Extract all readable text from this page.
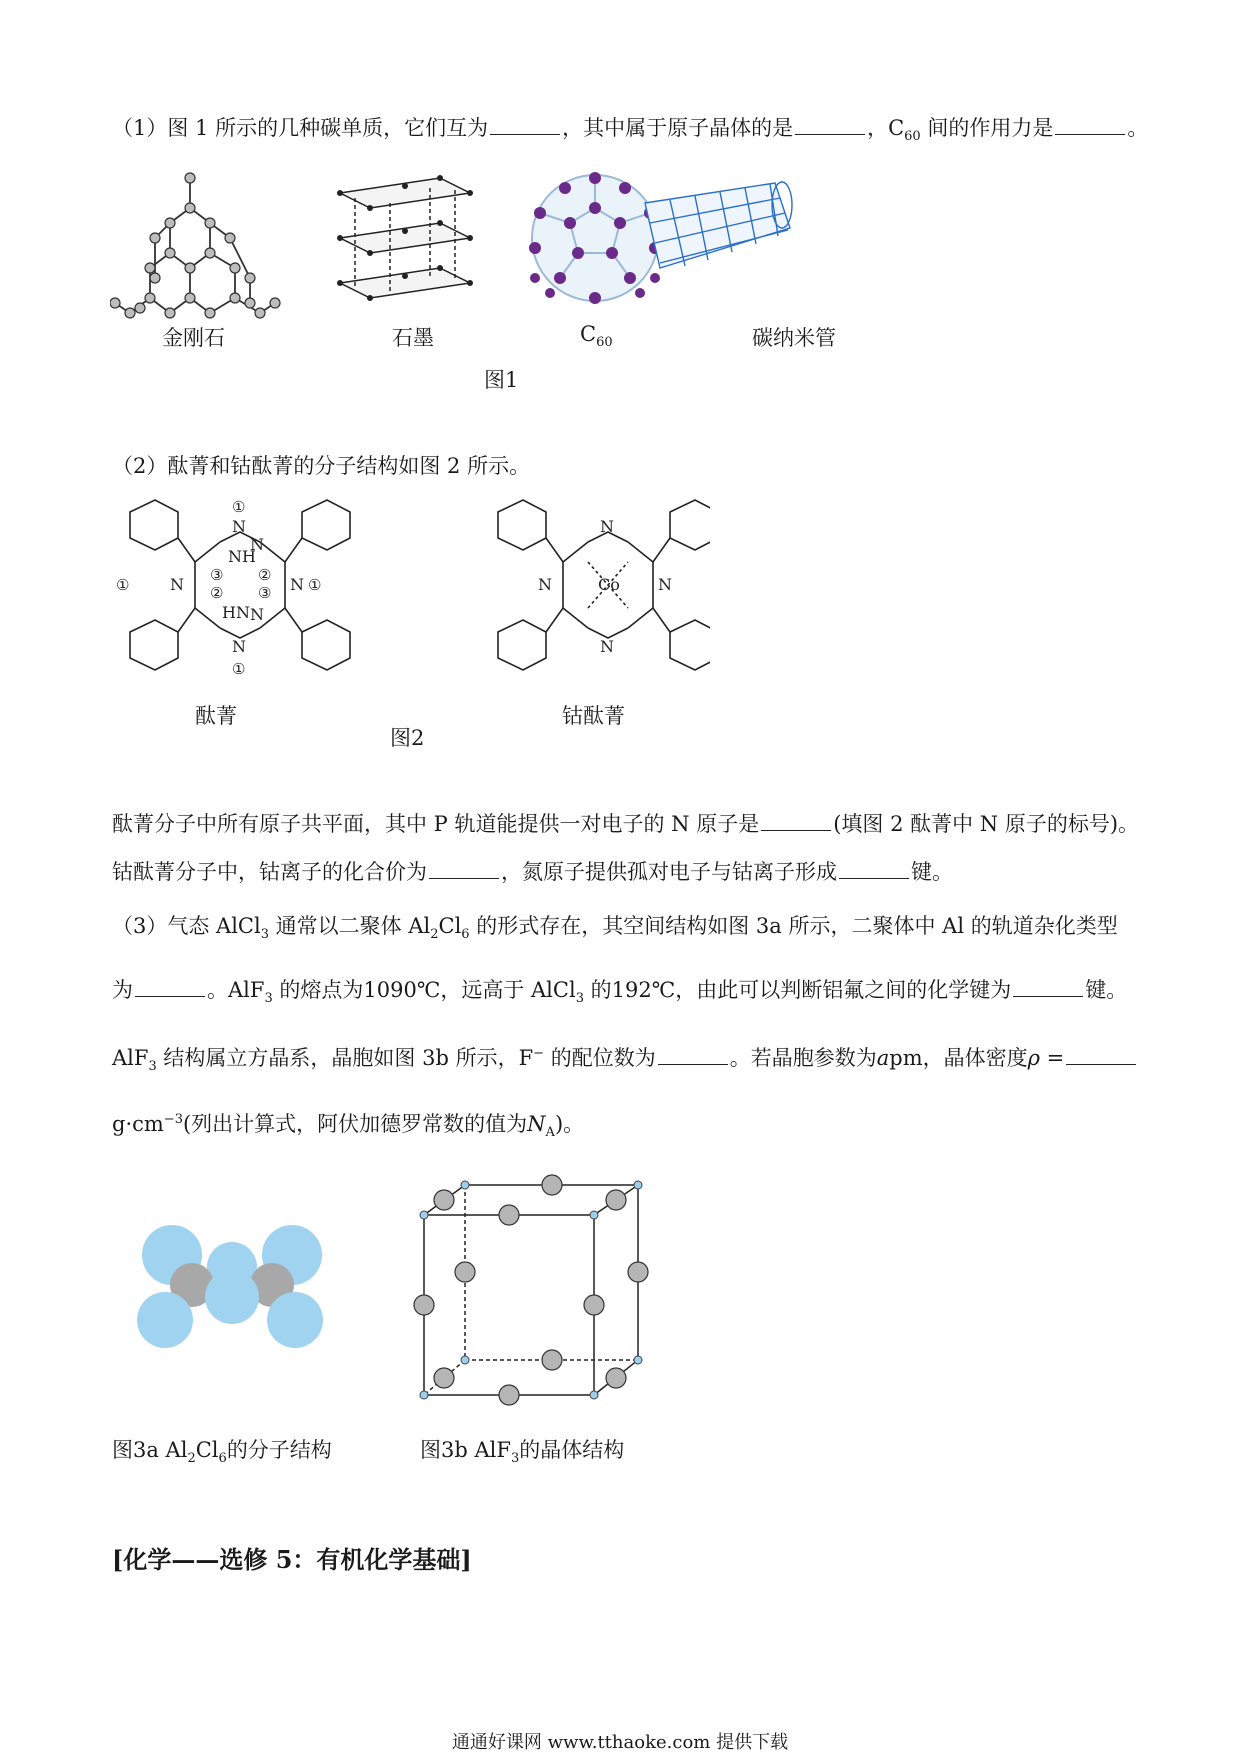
（1）图 1 所示的几种碳单质，它们互为	，其中属于原子晶体的是	，$C_{60}$ 间的作用力是	。
金刚石	石墨	$C_{60}$	碳纳米管
图1
（2）酞菁和钴酞菁的分子结构如图 2 所示。
N
NH
HN
N
N
N
N
N
Co
N
N
N	N
①
①	①
①
③
②
②
③
酞菁	钴酞菁
图2
酞菁分子中所有原子共平面，其中 P 轨道能提供一对电子的 N 原子是	(填图 2 酞菁中 N 原子的标号)。
钴酞菁分子中，钴离子的化合价为	，氮原子提供孤对电子与钴离子形成	键。
（3）气态 AlCl$_3$ 通常以二聚体 $Al_2Cl_6$ 的形式存在，其空间结构如图 3a 所示，二聚体中 Al 的轨道杂化类型
为	。AlF$_3$ 的熔点为1090℃，远高于 AlCl$_3$ 的192℃，由此可以判断铝氟之间的化学键为	键。
AlF$_3$ 结构属立方晶系，晶胞如图 3b 所示，F− 的配位数为	。若晶胞参数为apm，晶体密度ρ =
$g\cdot cm^{-3}$(列出计算式，阿伏加德罗常数的值为$N_A$)。
图3a $Al_2Cl_6$的分子结构	图3b AlF$_3$的晶体结构
[化学——选修 5：有机化学基础]
通通好课网 www.tthaoke.com 提供下载
